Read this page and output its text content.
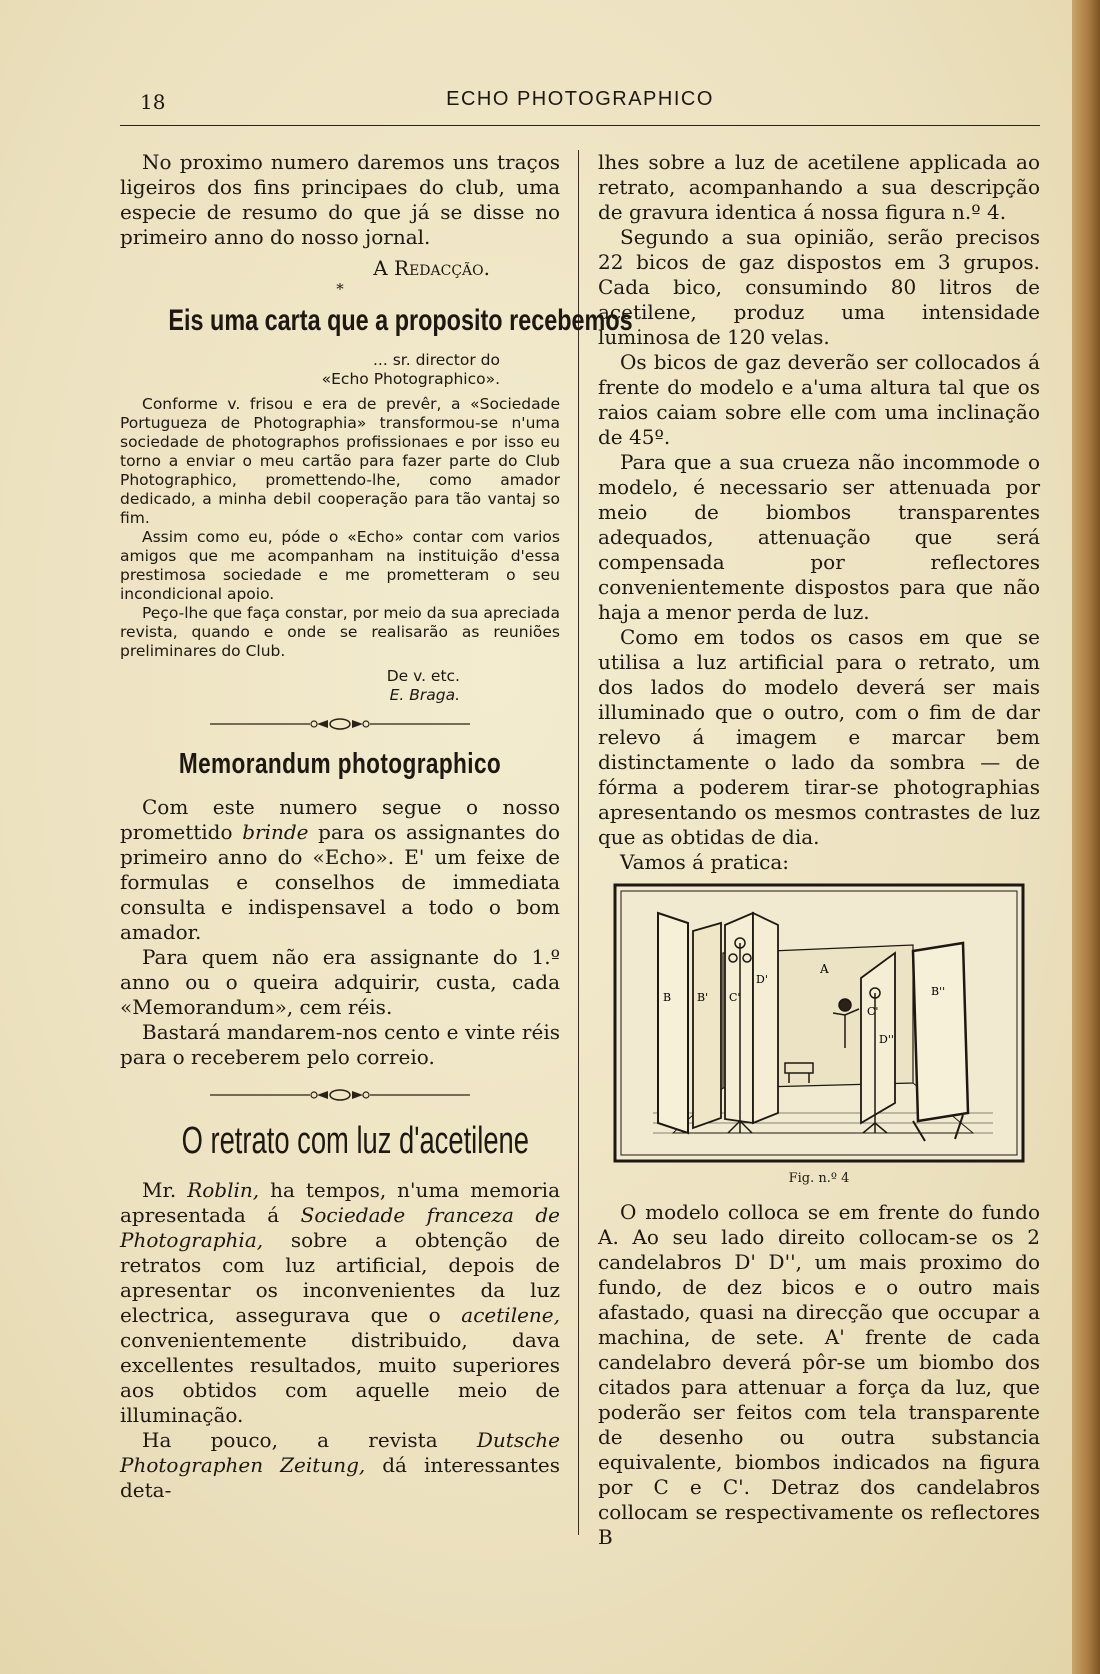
18	ECHO PHOTOGRAPHICO

No proximo numero daremos uns traços ligeiros dos fins principaes do club, uma especie de resumo do que já se disse no primeiro anno do nosso jornal.

A Redacção.

*

Eis uma carta que a proposito recebemos

... sr. director do

«Echo Photographico».

Conforme v. frisou e era de prevêr, a «Sociedade Portugueza de Photographia» transformou-se n'uma sociedade de photographos profissionaes e por isso eu torno a enviar o meu cartão para fazer parte do Club Photographico, promettendo-lhe, como amador dedicado, a minha debil cooperação para tão vantaj so fim.

Assim como eu, póde o «Echo» contar com varios amigos que me acompanham na instituição d'essa prestimosa sociedade e me prometteram o seu incondicional apoio.

Peço-lhe que faça constar, por meio da sua apreciada revista, quando e onde se realisarão as reuniões preliminares do Club.

De v. etc.

E. Braga.

Memorandum photographico

Com este numero segue o nosso promettido brinde para os assignantes do primeiro anno do «Echo». E' um feixe de formulas e conselhos de immediata consulta e indispensavel a todo o bom amador.

Para quem não era assignante do 1.º anno ou o queira adquirir, custa, cada «Memorandum», cem réis.

Bastará mandarem-nos cento e vinte réis para o receberem pelo correio.

O retrato com luz d'acetilene

Mr. Roblin, ha tempos, n'uma memoria apresentada á Sociedade franceza de Photographia, sobre a obtenção de retratos com luz artificial, depois de apresentar os inconvenientes da luz electrica, assegurava que o acetilene, convenientemente distribuido, dava excellentes resultados, muito superiores aos obtidos com aquelle meio de illuminação.

Ha pouco, a revista Dutsche Photographen Zeitung, dá interessantes deta-

lhes sobre a luz de acetilene applicada ao retrato, acompanhando a sua descripção de gravura identica á nossa figura n.º 4.

Segundo a sua opinião, serão precisos 22 bicos de gaz dispostos em 3 grupos. Cada bico, consumindo 80 litros de acetilene, produz uma intensidade luminosa de 120 velas.

Os bicos de gaz deverão ser collocados á frente do modelo e a'uma altura tal que os raios caiam sobre elle com uma inclinação de 45º.

Para que a sua crueza não incommode o modelo, é necessario ser attenuada por meio de biombos transparentes adequados, attenuação que será compensada por reflectores convenientemente dispostos para que não haja a menor perda de luz.

Como em todos os casos em que se utilisa a luz artificial para o retrato, um dos lados do modelo deverá ser mais illuminado que o outro, com o fim de dar relevo á imagem e marcar bem distinctamente o lado da sombra — de fórma a poderem tirar-se photographias apresentando os mesmos contrastes de luz que as obtidas de dia.

Vamos á pratica:

A
B B' C'
D'
C'
D''
B''
Fig. n.º 4

O modelo colloca se em frente do fundo A. Ao seu lado direito collocam-se os 2 candelabros D' D'', um mais proximo do fundo, de dez bicos e o outro mais afastado, quasi na direcção que occupar a machina, de sete. A' frente de cada candelabro deverá pôr-se um biombo dos citados para attenuar a força da luz, que poderão ser feitos com tela transparente de desenho ou outra substancia equivalente, biombos indicados na figura por C e C'. Detraz dos candelabros collocam se respectivamente os reflectores B
